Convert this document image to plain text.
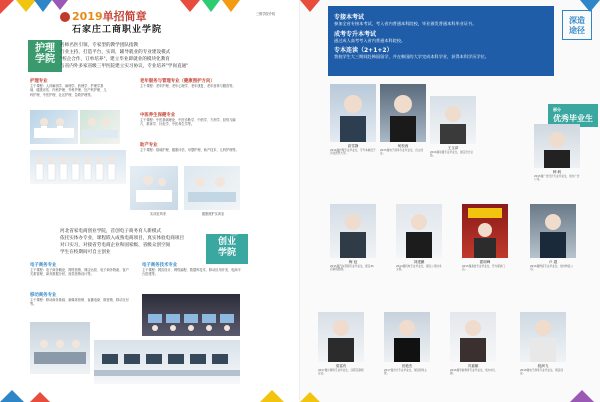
2019单招简章
石家庄工商职业学院
护理
学院
名师名医引领，专家型的教学团队指教
行业主持，打造平台，实训，辅导就业的专业建设模式
"校企合作，订单培养"，建立毕业即就业的模块化教育
与省内外多家省级三甲医院建立实习协议，专业培养"学岗直通"
护理专业
主干课程：人体解剖学、病理学、药理学、护理学基础、健康评估、内科护理、外科护理、妇产科护理、儿科护理、中医护理、社区护理、急救护理等。
老年服务与管理专业（健康照护方向）
主干课程：老年护理、老年心理学、老年康复、老年营养与膳食等。
中医养生保健专业
主干课程：中医基础理论、中医诊断学、中药学、方剂学、经络与腧穴、推拿学、针灸学、中医养生学等。
助产专业
主干课程：基础护理、健康评估、母婴护理、助产技术、儿科护理等。
实训室风采	健康照护实训室
河北省家电商创业学院，首创电子商务育人新模式
依托实体办专业，课程嵌入成熟电商项目，真实体验电商项目
对口实习，对接省劳电商企业和国家级、省级众创空间
学生在校期间可自主创业
创业
学院
（电商）
电子商务专业
主干课程：电子商务概论、网络营销、网店运营、电子商务物流、客户关系管理、商务数据分析、视觉营销设计等。
电子商务技术专业
主干课程：网页设计、网络编程、数据库技术、移动应用开发、电商平台搭建等。
移动商务专业
主干课程：移动商务基础、新媒体营销、直播电商、微营销、移动支付等。
专接本考试
参加全省专接本考试，考入省内普通本科院校，毕业颁发普通本科毕业证书。
成考专升本考试
通过成人高考考入省内普通本科院校。
专本连读（2+1+2）
我校学生大三期间赴韩国留学，并在韩国的大学完成本科学业，获得本科学历学位。
深造
途径
三维学院介绍
部分
优秀毕业生
高雪静
2016届护理专业毕业生，专升本就读于河北医科大学。
何松西
2015届电子商务专业毕业生，自主创业。
王玉泽
2016届动漫专业毕业生，现任设计总监。
韩 帆
2015届广告设计专业毕业生，创办广告公司。
梅 冠
2015届汽车营销专业毕业生，现任4S店销售经理。
刘建鹏
2014届机电专业毕业生，现任公司技术主管。
霍树峰
2015届美食专业毕业生，开办餐饮门店。
卢 超
2016届物流专业毕业生，创办物流公司。
梁雷有
2017届计算机专业毕业生，任职互联网企业。
田艳杰
2017届会计专业毕业生，现任财务主管。
冯嘉娜
2016届学前教育专业毕业生，创办幼儿园。
段润飞
2018届电子商务专业毕业生，网店创业。
